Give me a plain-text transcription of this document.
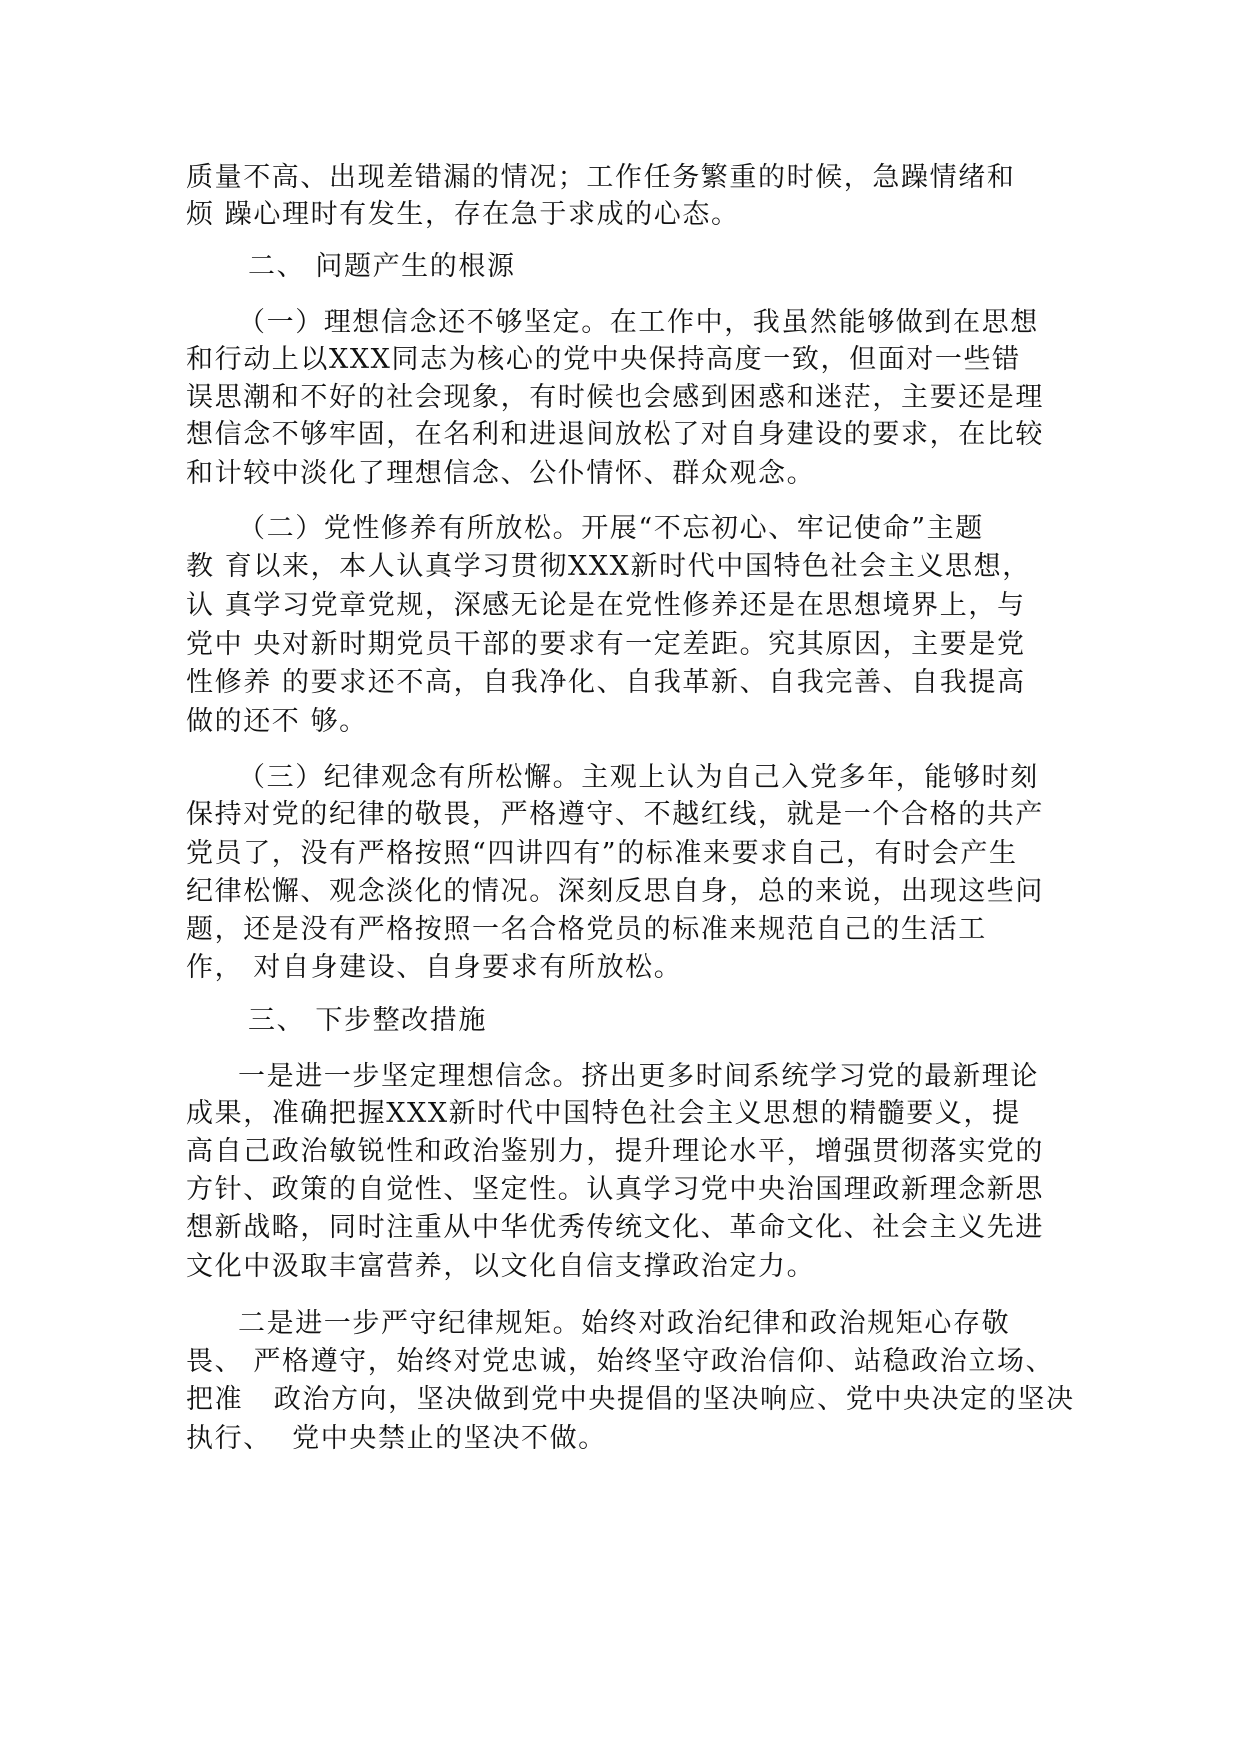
质量不高、出现差错漏的情况；工作任务繁重的时候，急躁情绪和
烦 躁心理时有发生，存在急于求成的心态。
二、 问题产生的根源
（一）理想信念还不够坚定。在工作中，我虽然能够做到在思想
和行动上以XXX同志为核心的党中央保持高度一致，但面对一些错
误思潮和不好的社会现象，有时候也会感到困惑和迷茫，主要还是理
想信念不够牢固，在名利和进退间放松了对自身建设的要求，在比较
和计较中淡化了理想信念、公仆情怀、群众观念。
（二）党性修养有所放松。开展“不忘初心、牢记使命”主题
教 育以来，本人认真学习贯彻XXX新时代中国特色社会主义思想，
认 真学习党章党规，深感无论是在党性修养还是在思想境界上，与
党中 央对新时期党员干部的要求有一定差距。究其原因，主要是党
性修养 的要求还不高，自我净化、自我革新、自我完善、自我提高
做的还不 够。
（三）纪律观念有所松懈。主观上认为自己入党多年，能够时刻
保持对党的纪律的敬畏，严格遵守、不越红线，就是一个合格的共产
党员了，没有严格按照“四讲四有”的标准来要求自己，有时会产生
纪律松懈、观念淡化的情况。深刻反思自身，总的来说，出现这些问
题，还是没有严格按照一名合格党员的标准来规范自己的生活工
作， 对自身建设、自身要求有所放松。
三、 下步整改措施
一是进一步坚定理想信念。挤出更多时间系统学习党的最新理论
成果，准确把握XXX新时代中国特色社会主义思想的精髓要义，提
高自己政治敏锐性和政治鉴别力，提升理论水平，增强贯彻落实党的
方针、政策的自觉性、坚定性。认真学习党中央治国理政新理念新思
想新战略，同时注重从中华优秀传统文化、革命文化、社会主义先进
文化中汲取丰富营养，以文化自信支撑政治定力。
二是进一步严守纪律规矩。始终对政治纪律和政治规矩心存敬
畏、 严格遵守，始终对党忠诚，始终坚守政治信仰、站稳政治立场、
把准   政治方向，坚决做到党中央提倡的坚决响应、党中央决定的坚决
执行、  党中央禁止的坚决不做。
